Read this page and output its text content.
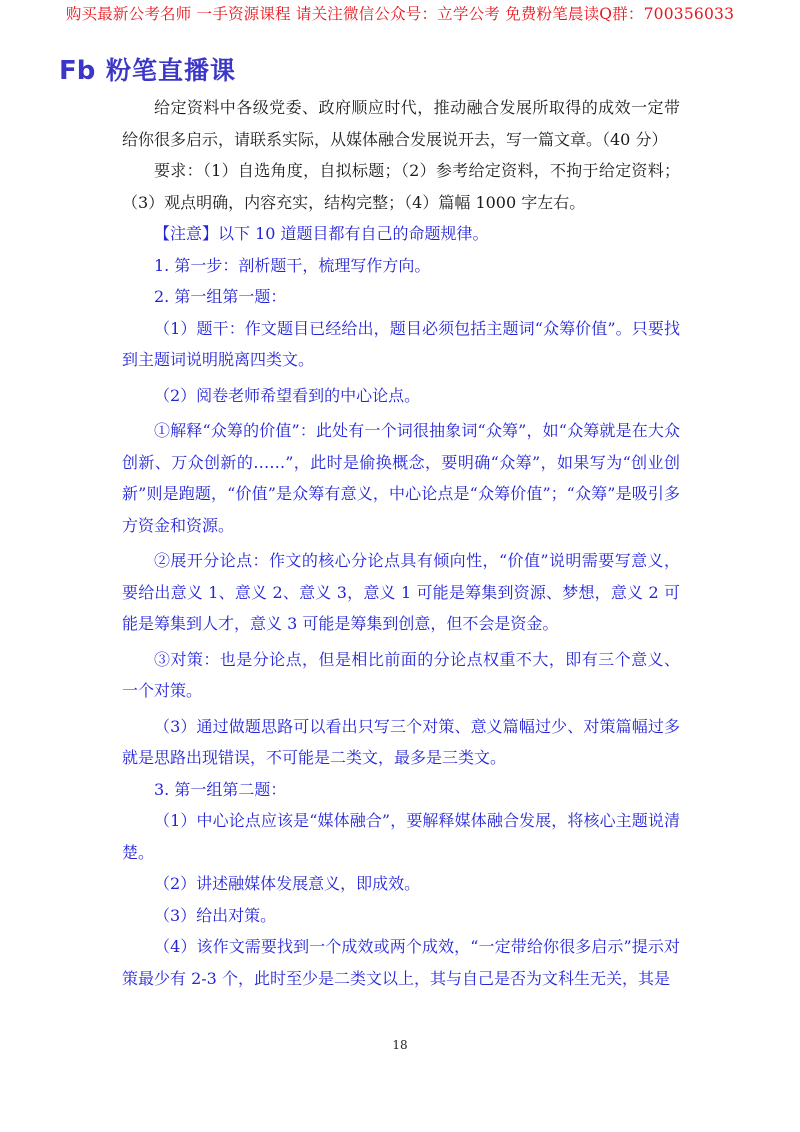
购买最新公考名师 一手资源课程 请关注微信公众号：立学公考 免费粉笔晨读Q群：700356033
Fb 粉笔直播课

给定资料中各级党委、政府顺应时代，推动融合发展所取得的成效一定带给你很多启示，请联系实际，从媒体融合发展说开去，写一篇文章。（40 分）

要求：（1）自选角度，自拟标题；（2）参考给定资料，不拘于给定资料；（3）观点明确，内容充实，结构完整；（4）篇幅 1000 字左右。

【注意】以下 10 道题目都有自己的命题规律。

1. 第一步：剖析题干，梳理写作方向。

2. 第一组第一题：

（1）题干：作文题目已经给出，题目必须包括主题词“众筹价值”。只要找到主题词说明脱离四类文。

（2）阅卷老师希望看到的中心论点。

①解释“众筹的价值”：此处有一个词很抽象词“众筹”，如“众筹就是在大众创新、万众创新的……”，此时是偷换概念，要明确“众筹”，如果写为“创业创新”则是跑题，“价值”是众筹有意义，中心论点是“众筹价值”；“众筹”是吸引多方资金和资源。

②展开分论点：作文的核心分论点具有倾向性，“价值”说明需要写意义，要给出意义 1、意义 2、意义 3，意义 1 可能是筹集到资源、梦想，意义 2 可能是筹集到人才，意义 3 可能是筹集到创意，但不会是资金。

③对策：也是分论点，但是相比前面的分论点权重不大，即有三个意义、一个对策。

（3）通过做题思路可以看出只写三个对策、意义篇幅过少、对策篇幅过多就是思路出现错误，不可能是二类文，最多是三类文。

3. 第一组第二题：

（1）中心论点应该是“媒体融合”，要解释媒体融合发展，将核心主题说清楚。

（2）讲述融媒体发展意义，即成效。

（3）给出对策。

（4）该作文需要找到一个成效或两个成效，“一定带给你很多启示”提示对策最少有 2-3 个，此时至少是二类文以上，其与自己是否为文科生无关，其是

18
